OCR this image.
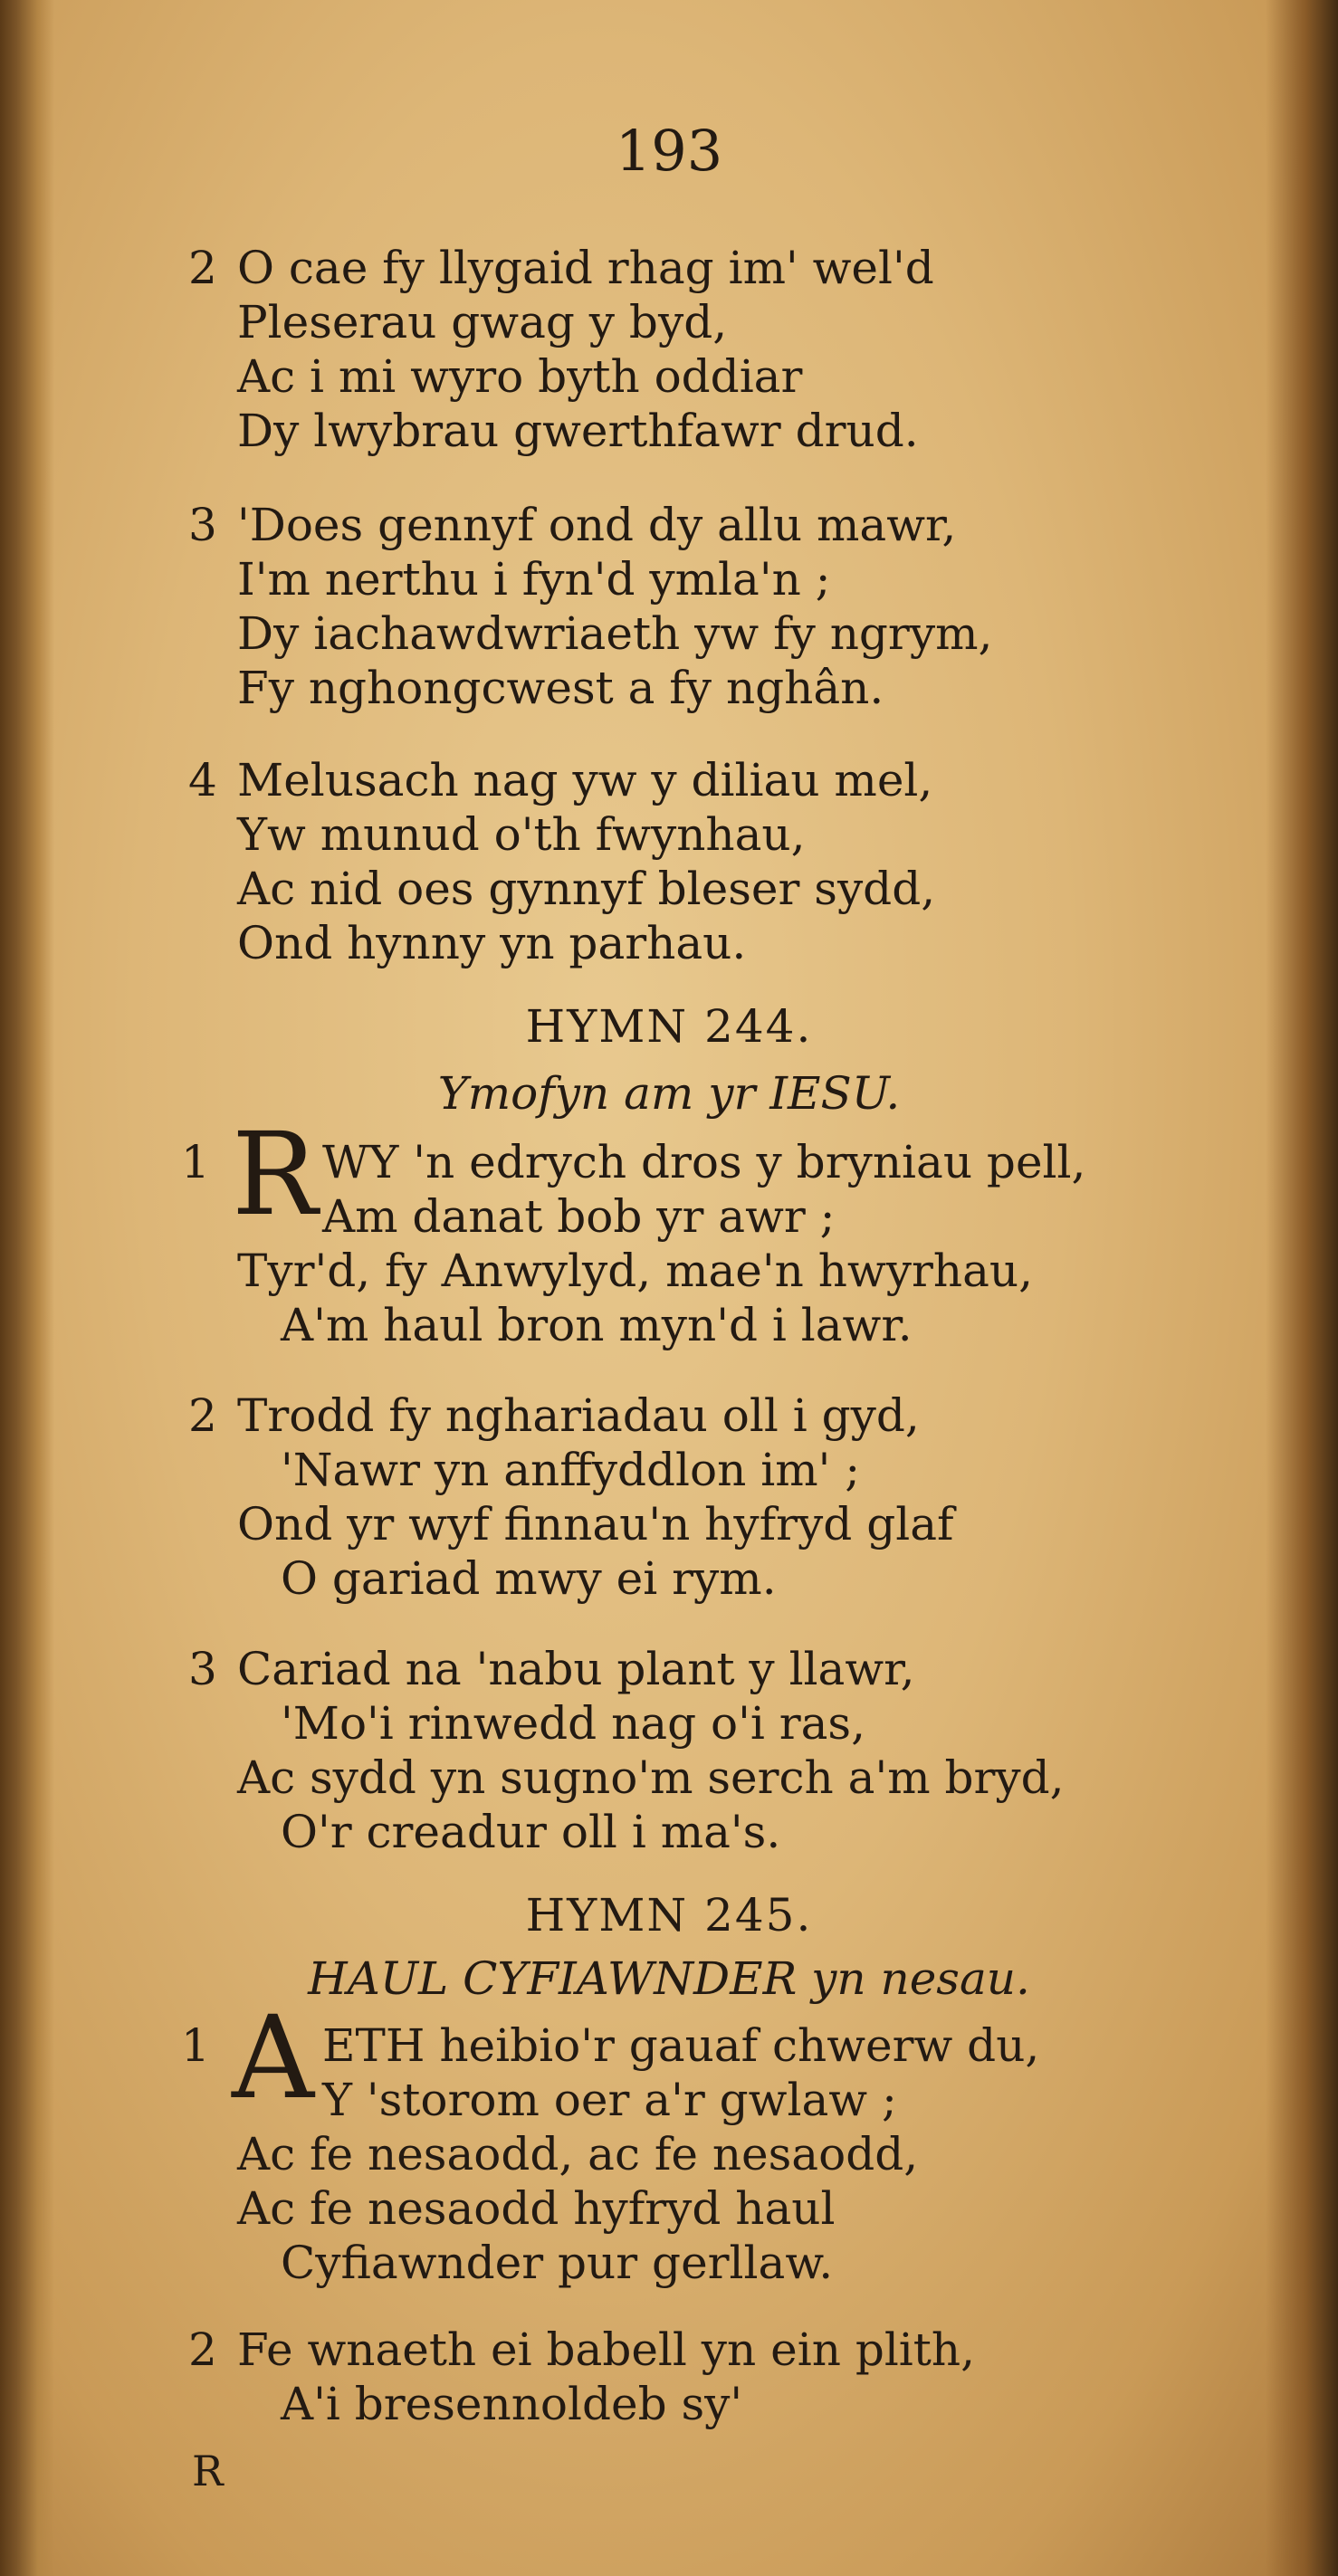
193
2 O cae fy llygaid rhag im' wel'd
Pleserau gwag y byd,
Ac i mi wyro byth oddiar
Dy lwybrau gwerthfawr drud.
3 'Does gennyf ond dy allu mawr,
I'm nerthu i fyn'd ymla'n ;
Dy iachawdwriaeth yw fy ngrym,
Fy nghongcwest a fy nghân.
4 Melusach nag yw y diliau mel,
Yw munud o'th fwynhau,
Ac nid oes gynnyf bleser sydd,
Ond hynny yn parhau.
HYMN 244.
Ymofyn am yr IESU.
1 R WY 'n edrych dros y bryniau pell,
Am danat bob yr awr ;
Tyr'd, fy Anwylyd, mae'n hwyrhau,
A'm haul bron myn'd i lawr.
2 Trodd fy nghariadau oll i gyd,
'Nawr yn anffyddlon im' ;
Ond yr wyf finnau'n hyfryd glaf
O gariad mwy ei rym.
3 Cariad na 'nabu plant y llawr,
'Mo'i rinwedd nag o'i ras,
Ac sydd yn sugno'm serch a'm bryd,
O'r creadur oll i ma's.
HYMN 245.
HAUL CYFIAWNDER yn nesau.
1 A ETH heibio'r gauaf chwerw du,
Y 'storom oer a'r gwlaw ;
Ac fe nesaodd, ac fe nesaodd,
Ac fe nesaodd hyfryd haul
Cyfiawnder pur gerllaw.
2 Fe wnaeth ei babell yn ein plith,
A'i bresennoldeb sy'
R
